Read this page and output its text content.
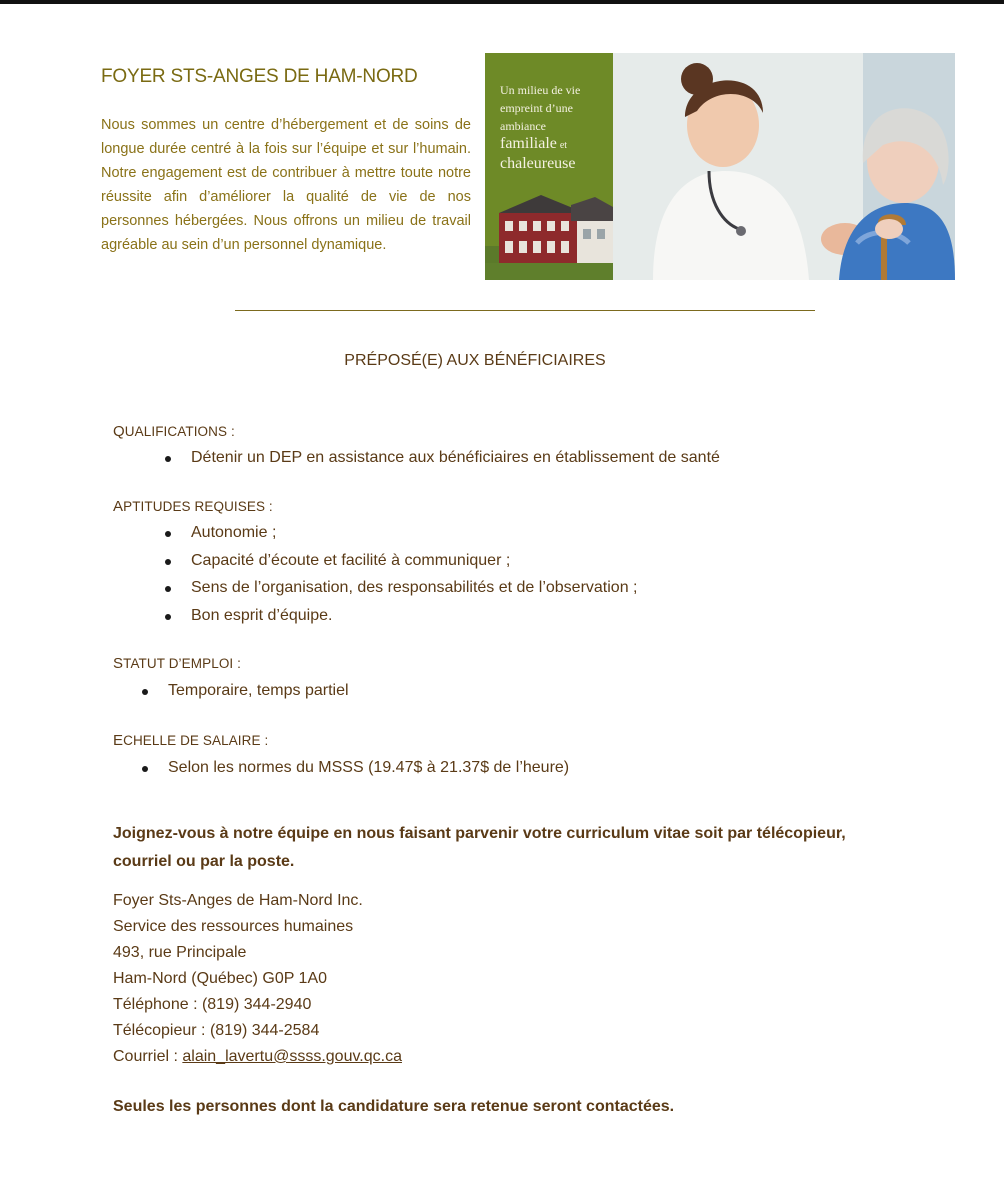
FOYER STS-ANGES DE HAM-NORD

Nous sommes un centre d’hébergement et de soins de longue durée centré à la fois sur l’équipe et sur l’humain. Notre engagement est de contribuer à mettre toute notre réussite afin d’améliorer la qualité de vie de nos personnes hébergées. Nous offrons un milieu de travail agréable au sein d’un personnel dynamique.

Un milieu de vie
empreint d’une
ambiance
familiale et
chaleureuse
PRÉPOSÉ(E) AUX BÉNÉFICIAIRES
QUALIFICATIONS :
Détenir un DEP en assistance aux bénéficiaires en établissement de santé
APTITUDES REQUISES :
Autonomie ;
Capacité d’écoute et facilité à communiquer ;
Sens de l’organisation, des responsabilités et de l’observation ;
Bon esprit d’équipe.
STATUT D’EMPLOI :
Temporaire, temps partiel
ECHELLE DE SALAIRE :
Selon les normes du MSSS (19.47$ à 21.37$ de l’heure)

Joignez-vous à notre équipe en nous faisant parvenir votre curriculum vitae soit par télécopieur, courriel ou par la poste.

Foyer Sts-Anges de Ham-Nord Inc.
Service des ressources humaines
493, rue Principale
Ham-Nord (Québec) G0P 1A0
Téléphone : (819) 344-2940
Télécopieur : (819) 344-2584
Courriel : alain_lavertu@ssss.gouv.qc.ca

Seules les personnes dont la candidature sera retenue seront contactées.
